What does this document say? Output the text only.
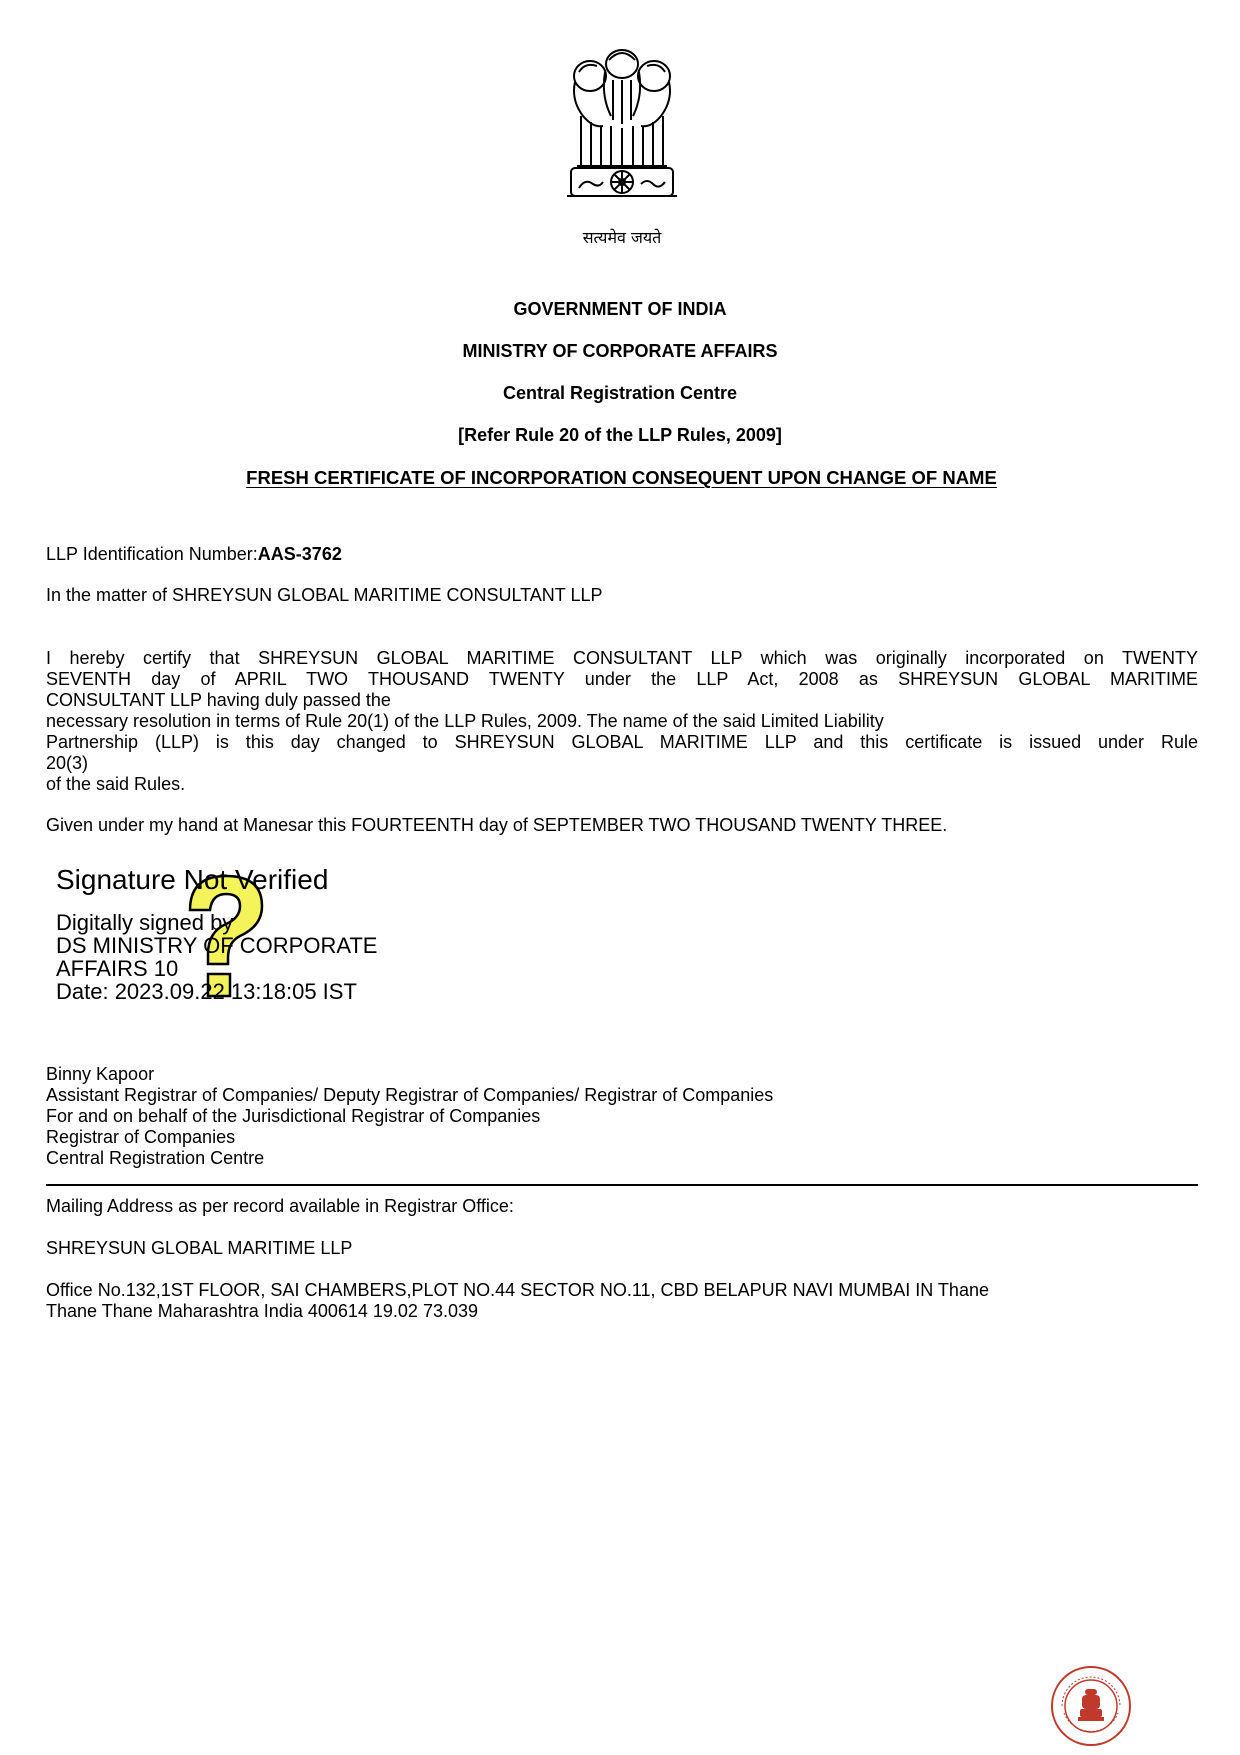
सत्यमेव जयते
GOVERNMENT OF INDIA
MINISTRY OF CORPORATE AFFAIRS
Central Registration Centre
[Refer Rule 20 of the LLP Rules, 2009]
FRESH CERTIFICATE OF INCORPORATION CONSEQUENT UPON CHANGE OF NAME
LLP Identification Number:AAS-3762
In the matter of SHREYSUN GLOBAL MARITIME CONSULTANT LLP
I hereby certify that SHREYSUN GLOBAL MARITIME CONSULTANT LLP which was originally incorporated on TWENTY
SEVENTH day of APRIL TWO THOUSAND TWENTY under the LLP Act, 2008 as SHREYSUN GLOBAL MARITIME
CONSULTANT LLP having duly passed the
necessary resolution in terms of Rule 20(1) of the LLP Rules, 2009. The name of the said Limited Liability
Partnership (LLP) is this day changed to SHREYSUN GLOBAL MARITIME LLP and this certificate is issued under Rule
20(3)
of the said Rules.
Given under my hand at Manesar this FOURTEENTH day of SEPTEMBER TWO THOUSAND TWENTY THREE.
Signature Not Verified
Digitally signed by
DS MINISTRY OF CORPORATE
AFFAIRS 10
Date: 2023.09.22 13:18:05 IST
Binny Kapoor
Assistant Registrar of Companies/ Deputy Registrar of Companies/ Registrar of Companies
For and on behalf of the Jurisdictional Registrar of Companies
Registrar of Companies
Central Registration Centre
Mailing Address as per record available in Registrar Office:
SHREYSUN GLOBAL MARITIME LLP
Office No.132,1ST FLOOR, SAI CHAMBERS,PLOT NO.44 SECTOR NO.11, CBD BELAPUR NAVI MUMBAI IN Thane
Thane Thane Maharashtra India 400614 19.02 73.039
